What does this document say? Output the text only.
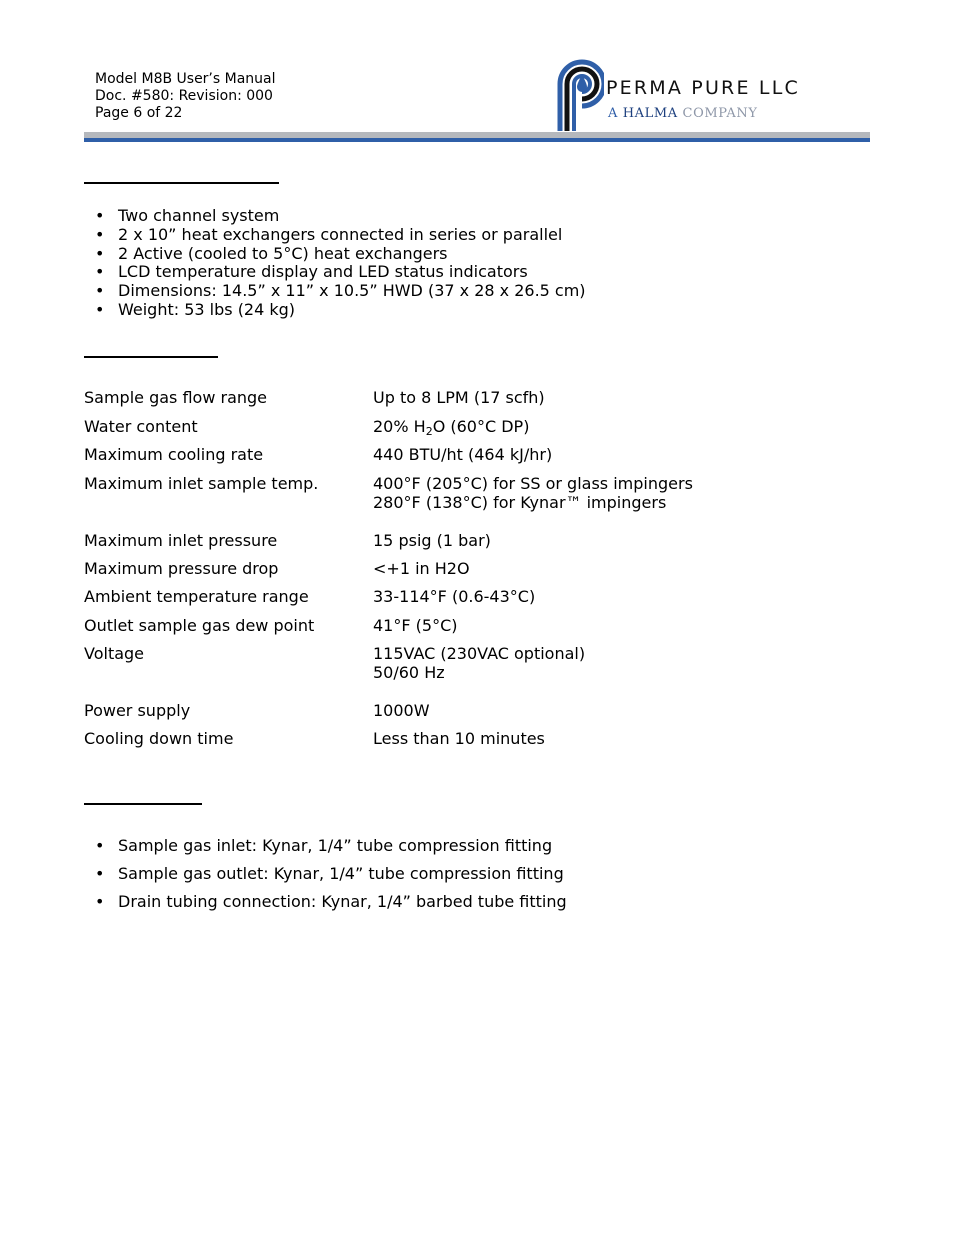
Model M8B User’s Manual
Doc. #580: Revision: 000
Page 6 of 22
PERMA PURE LLC
A HALMA COMPANY
• Two channel system
• 2 x 10” heat exchangers connected in series or parallel
• 2 Active (cooled to 5°C) heat exchangers
• LCD temperature display and LED status indicators
• Dimensions: 14.5” x 11” x 10.5” HWD (37 x 28 x 26.5 cm)
• Weight: 53 lbs (24 kg)
Sample gas flow range	Up to 8 LPM (17 scfh)
Water content	20% $H_2O$ (60°C DP)
Maximum cooling rate	440 BTU/ht (464 kJ/hr)
Maximum inlet sample temp.	400°F (205°C) for SS or glass impingers
280°F (138°C) for Kynar™ impingers
Maximum inlet pressure	15 psig (1 bar)
Maximum pressure drop	<+1 in H2O
Ambient temperature range	33-114°F (0.6-43°C)
Outlet sample gas dew point	41°F (5°C)
Voltage	115VAC (230VAC optional)
50/60 Hz
Power supply	1000W
Cooling down time	Less than 10 minutes
• Sample gas inlet: Kynar, 1/4” tube compression fitting
• Sample gas outlet: Kynar, 1/4” tube compression fitting
• Drain tubing connection: Kynar, 1/4” barbed tube fitting
